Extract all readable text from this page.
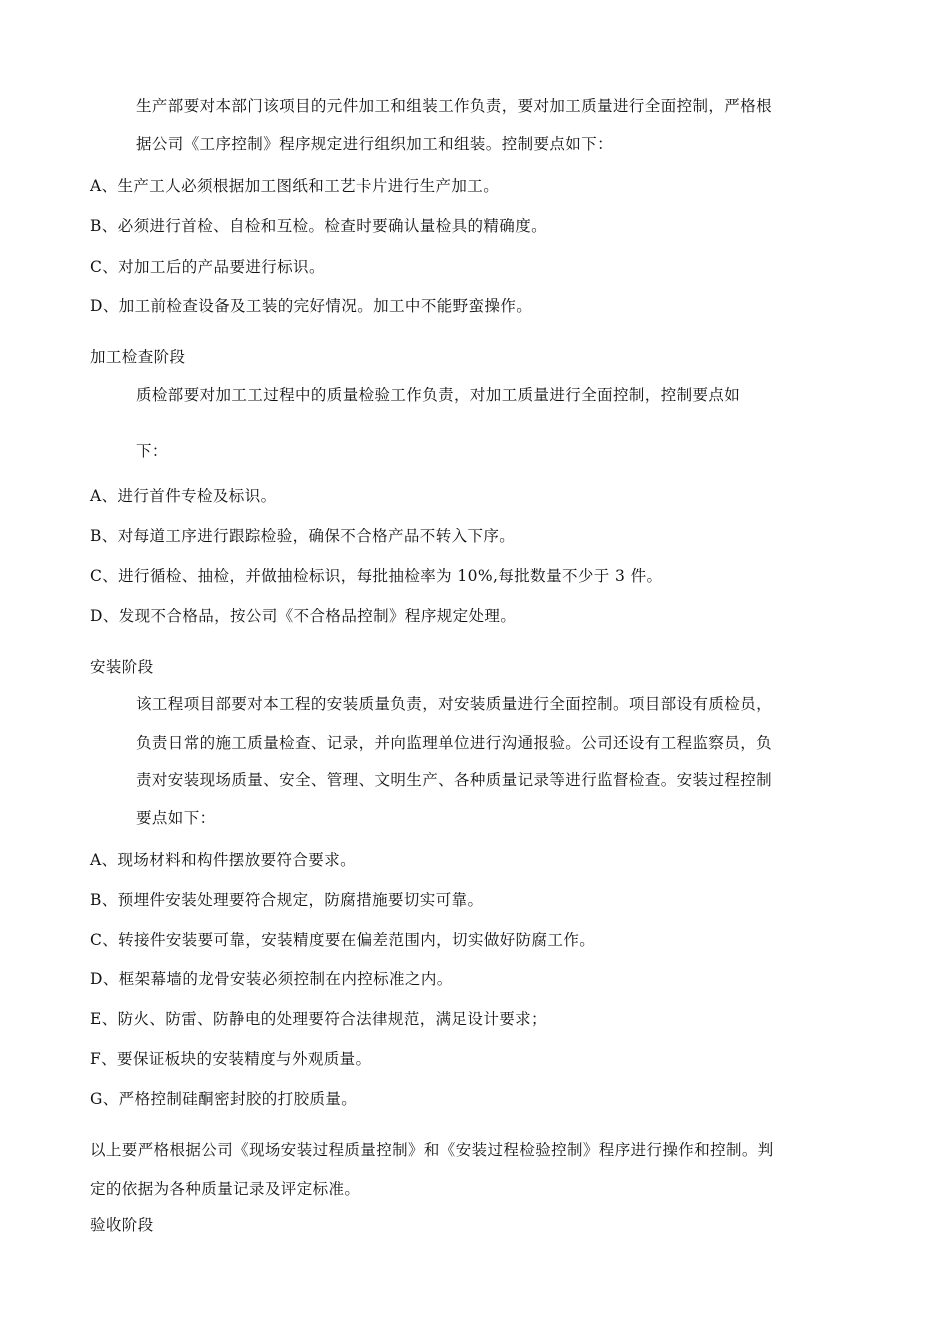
生产部要对本部门该项目的元件加工和组装工作负责，要对加工质量进行全面控制，严格根
据公司《工序控制》程序规定进行组织加工和组装。控制要点如下：
A、生产工人必须根据加工图纸和工艺卡片进行生产加工。
B、必须进行首检、自检和互检。检查时要确认量检具的精确度。
C、对加工后的产品要进行标识。
D、加工前检查设备及工装的完好情况。加工中不能野蛮操作。
加工检查阶段
质检部要对加工工过程中的质量检验工作负责，对加工质量进行全面控制，控制要点如
下：
A、进行首件专检及标识。
B、对每道工序进行跟踪检验，确保不合格产品不转入下序。
C、进行循检、抽检，并做抽检标识，每批抽检率为 10%,每批数量不少于 3 件。
D、发现不合格品，按公司《不合格品控制》程序规定处理。
安装阶段
该工程项目部要对本工程的安装质量负责，对安装质量进行全面控制。项目部设有质检员，
负责日常的施工质量检查、记录，并向监理单位进行沟通报验。公司还设有工程监察员，负
责对安装现场质量、安全、管理、文明生产、各种质量记录等进行监督检查。安装过程控制
要点如下：
A、现场材料和构件摆放要符合要求。
B、预埋件安装处理要符合规定，防腐措施要切实可靠。
C、转接件安装要可靠，安装精度要在偏差范围内，切实做好防腐工作。
D、框架幕墙的龙骨安装必须控制在内控标准之内。
E、防火、防雷、防静电的处理要符合法律规范，满足设计要求；
F、要保证板块的安装精度与外观质量。
G、严格控制硅酮密封胶的打胶质量。
以上要严格根据公司《现场安装过程质量控制》和《安装过程检验控制》程序进行操作和控制。判
定的依据为各种质量记录及评定标准。
验收阶段
